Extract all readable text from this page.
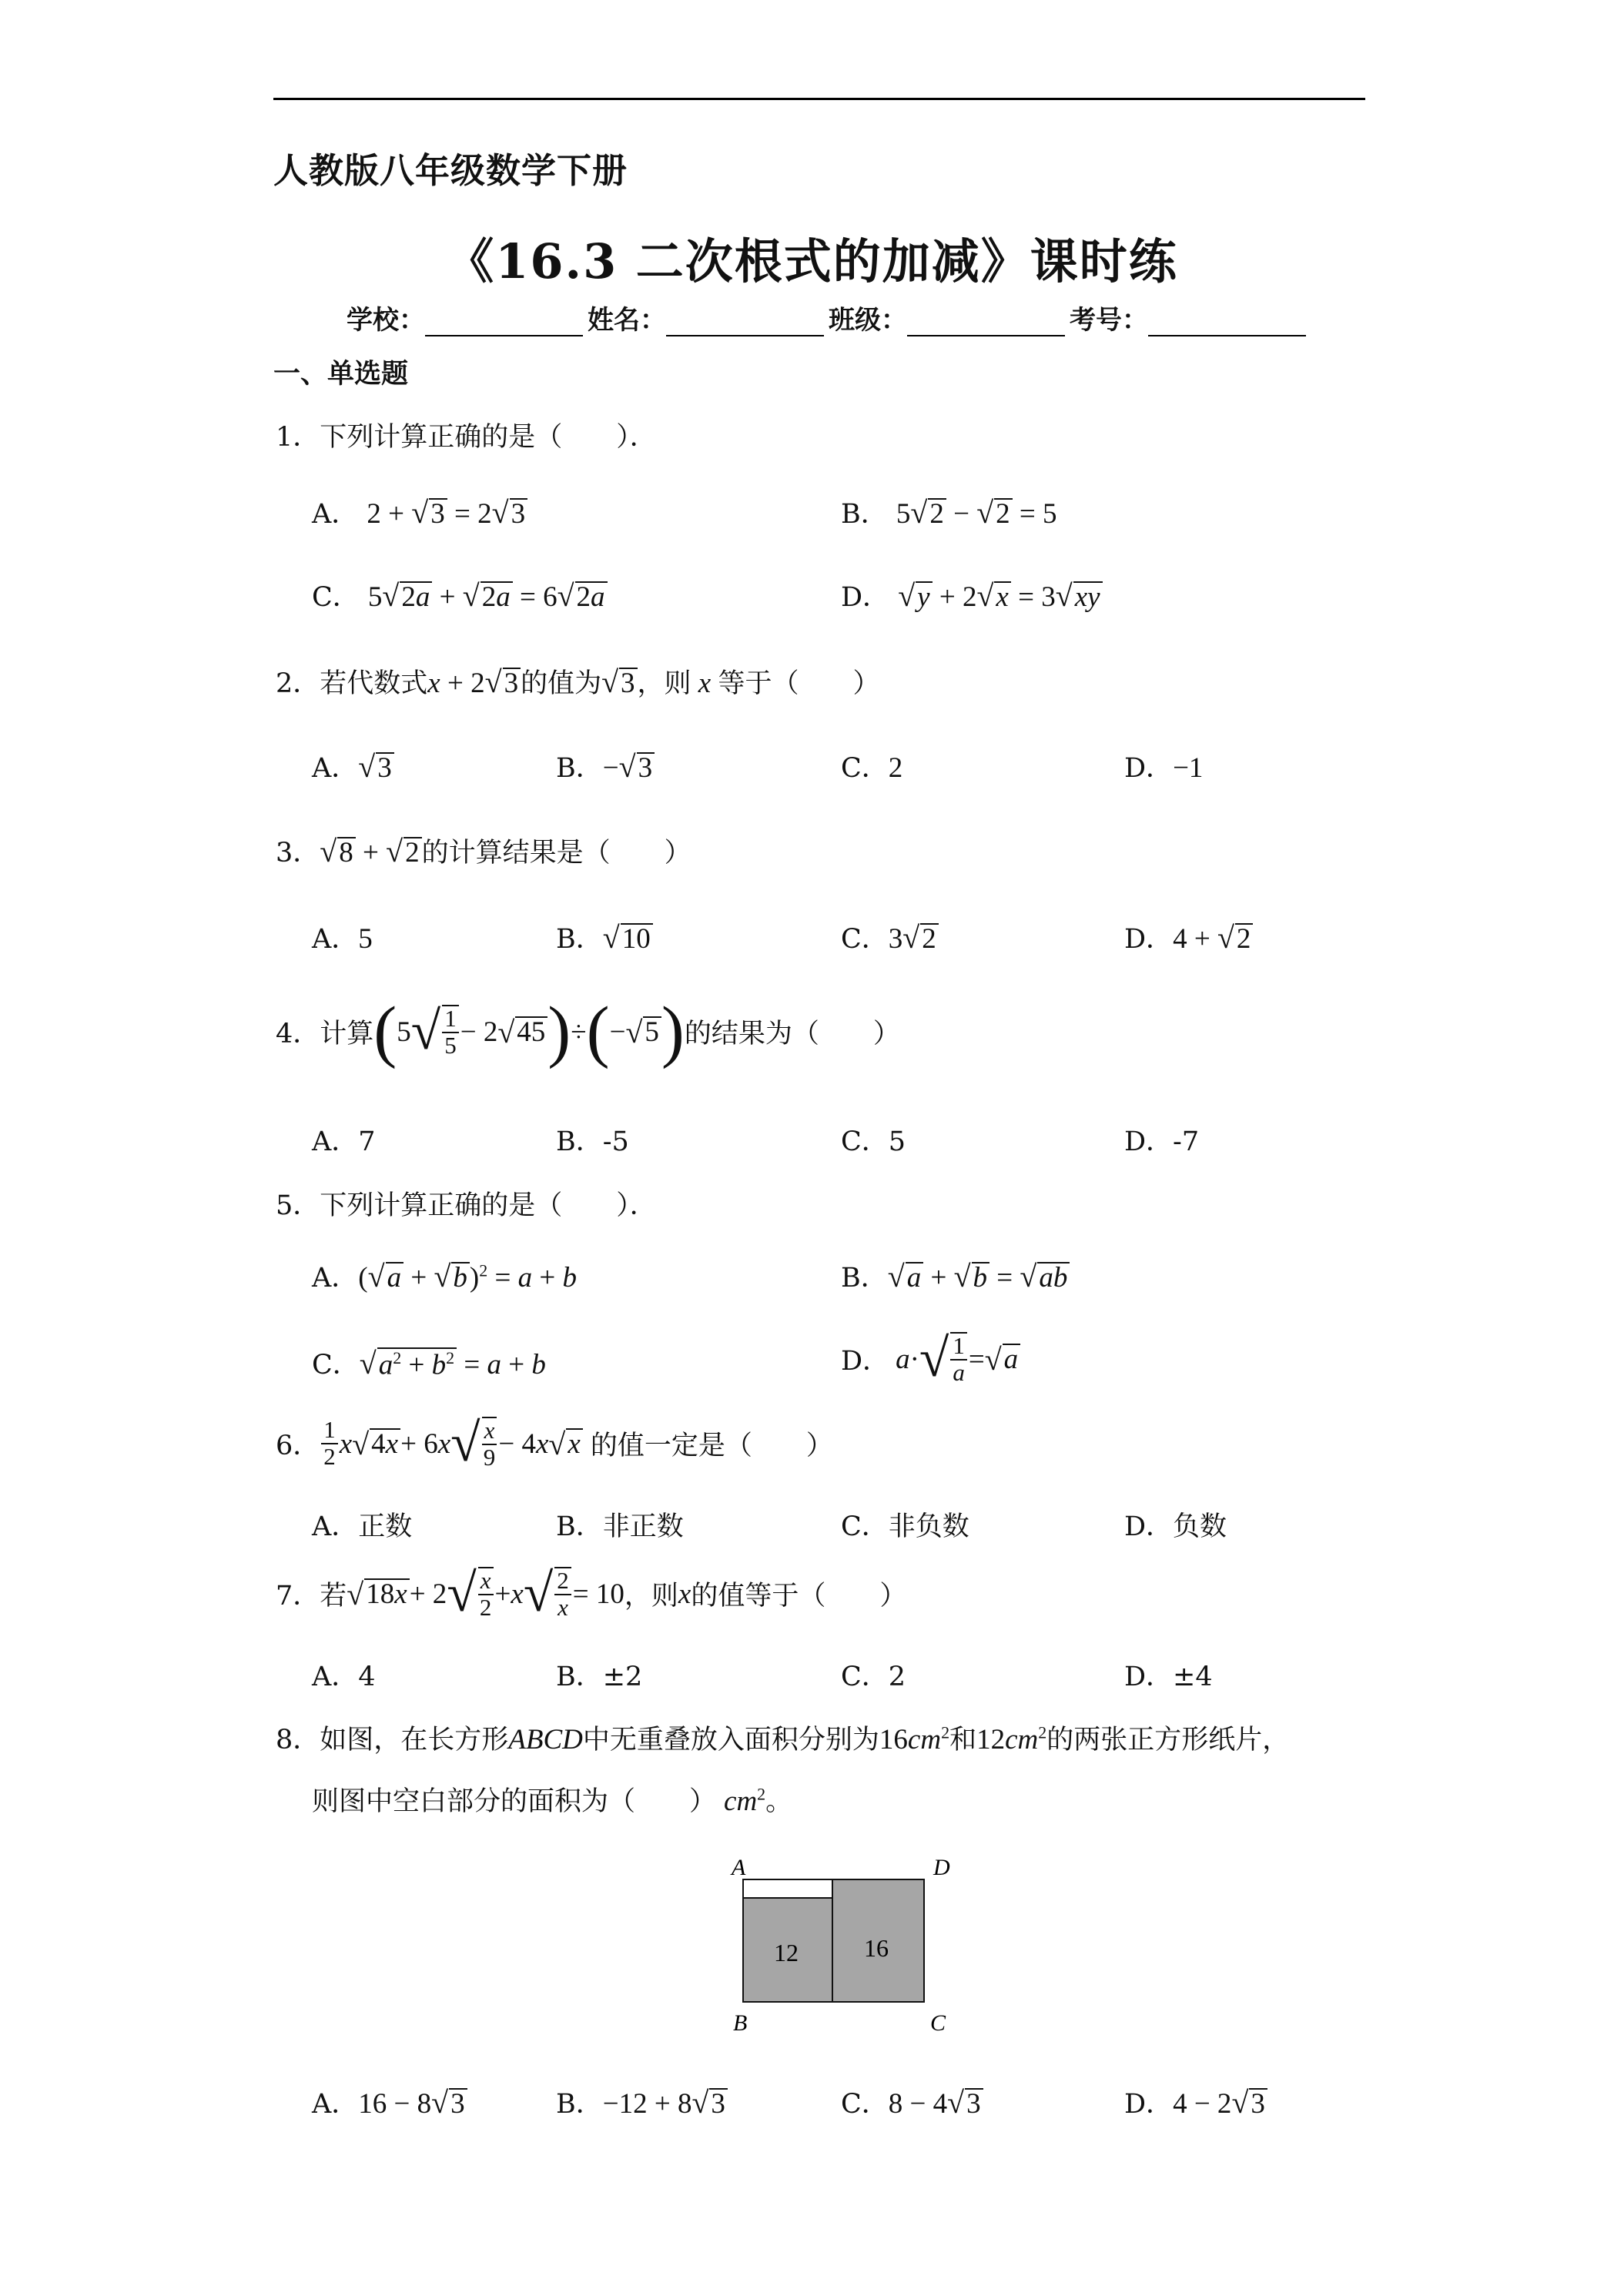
人教版八年级数学下册
《16.3 二次根式的加减》课时练
学校：	姓名：	班级：	考号：
一、单选题
1．下列计算正确的是（　　）．
A． 2 + √3 = 2√3	B． 5√2 − √2 = 5
C． 5√2a + √2a = 6√2a	D． √y + 2√x = 3√xy
2．若代数式x + 2√3的值为√3，则 x 等于（　　）
A．√3	B．−√3	C．2	D．−1
3．√8 + √2的计算结果是（　　）
A．5	B．√10	C．3√2	D．4 + √2
4． 计算 ( 5 √ $\frac{1}{5} - 2$ √ 45 ) ÷ ( − √ 5 ) 的结果为（　　）
A．7	B．-5	C．5	D．-7
5．下列计算正确的是（　　）．
A．$(√a + √b)^2 = a + b$	B．√a + √b = √ab
C．$√a^2 + b^2 = a + b$	D． a · √ $\frac{1}{a}$ = √ a
6． $\frac{1}{2}$ x √ 4x + 6 x √ $\frac{x}{9} - 4$ x √ x 的值一定是（　　）
A．正数	B．非正数	C．非负数	D．负数
7． 若 √ 18x + 2 √ $\frac{x}{2} + x$ √ $\frac{2}{x} = 10$ ，则 x 的值等于（　　）
A．4	B．±2	C．2	D．±4
8．如图，在长方形ABCD中无重叠放入面积分别为$16cm^2$和$12cm^2$的两张正方形纸片，
则图中空白部分的面积为（　　） $cm^2$。
A	D
B	C
12	16
A．16 − 8√3	B．−12 + 8√3	C．8 − 4√3	D．4 − 2√3
